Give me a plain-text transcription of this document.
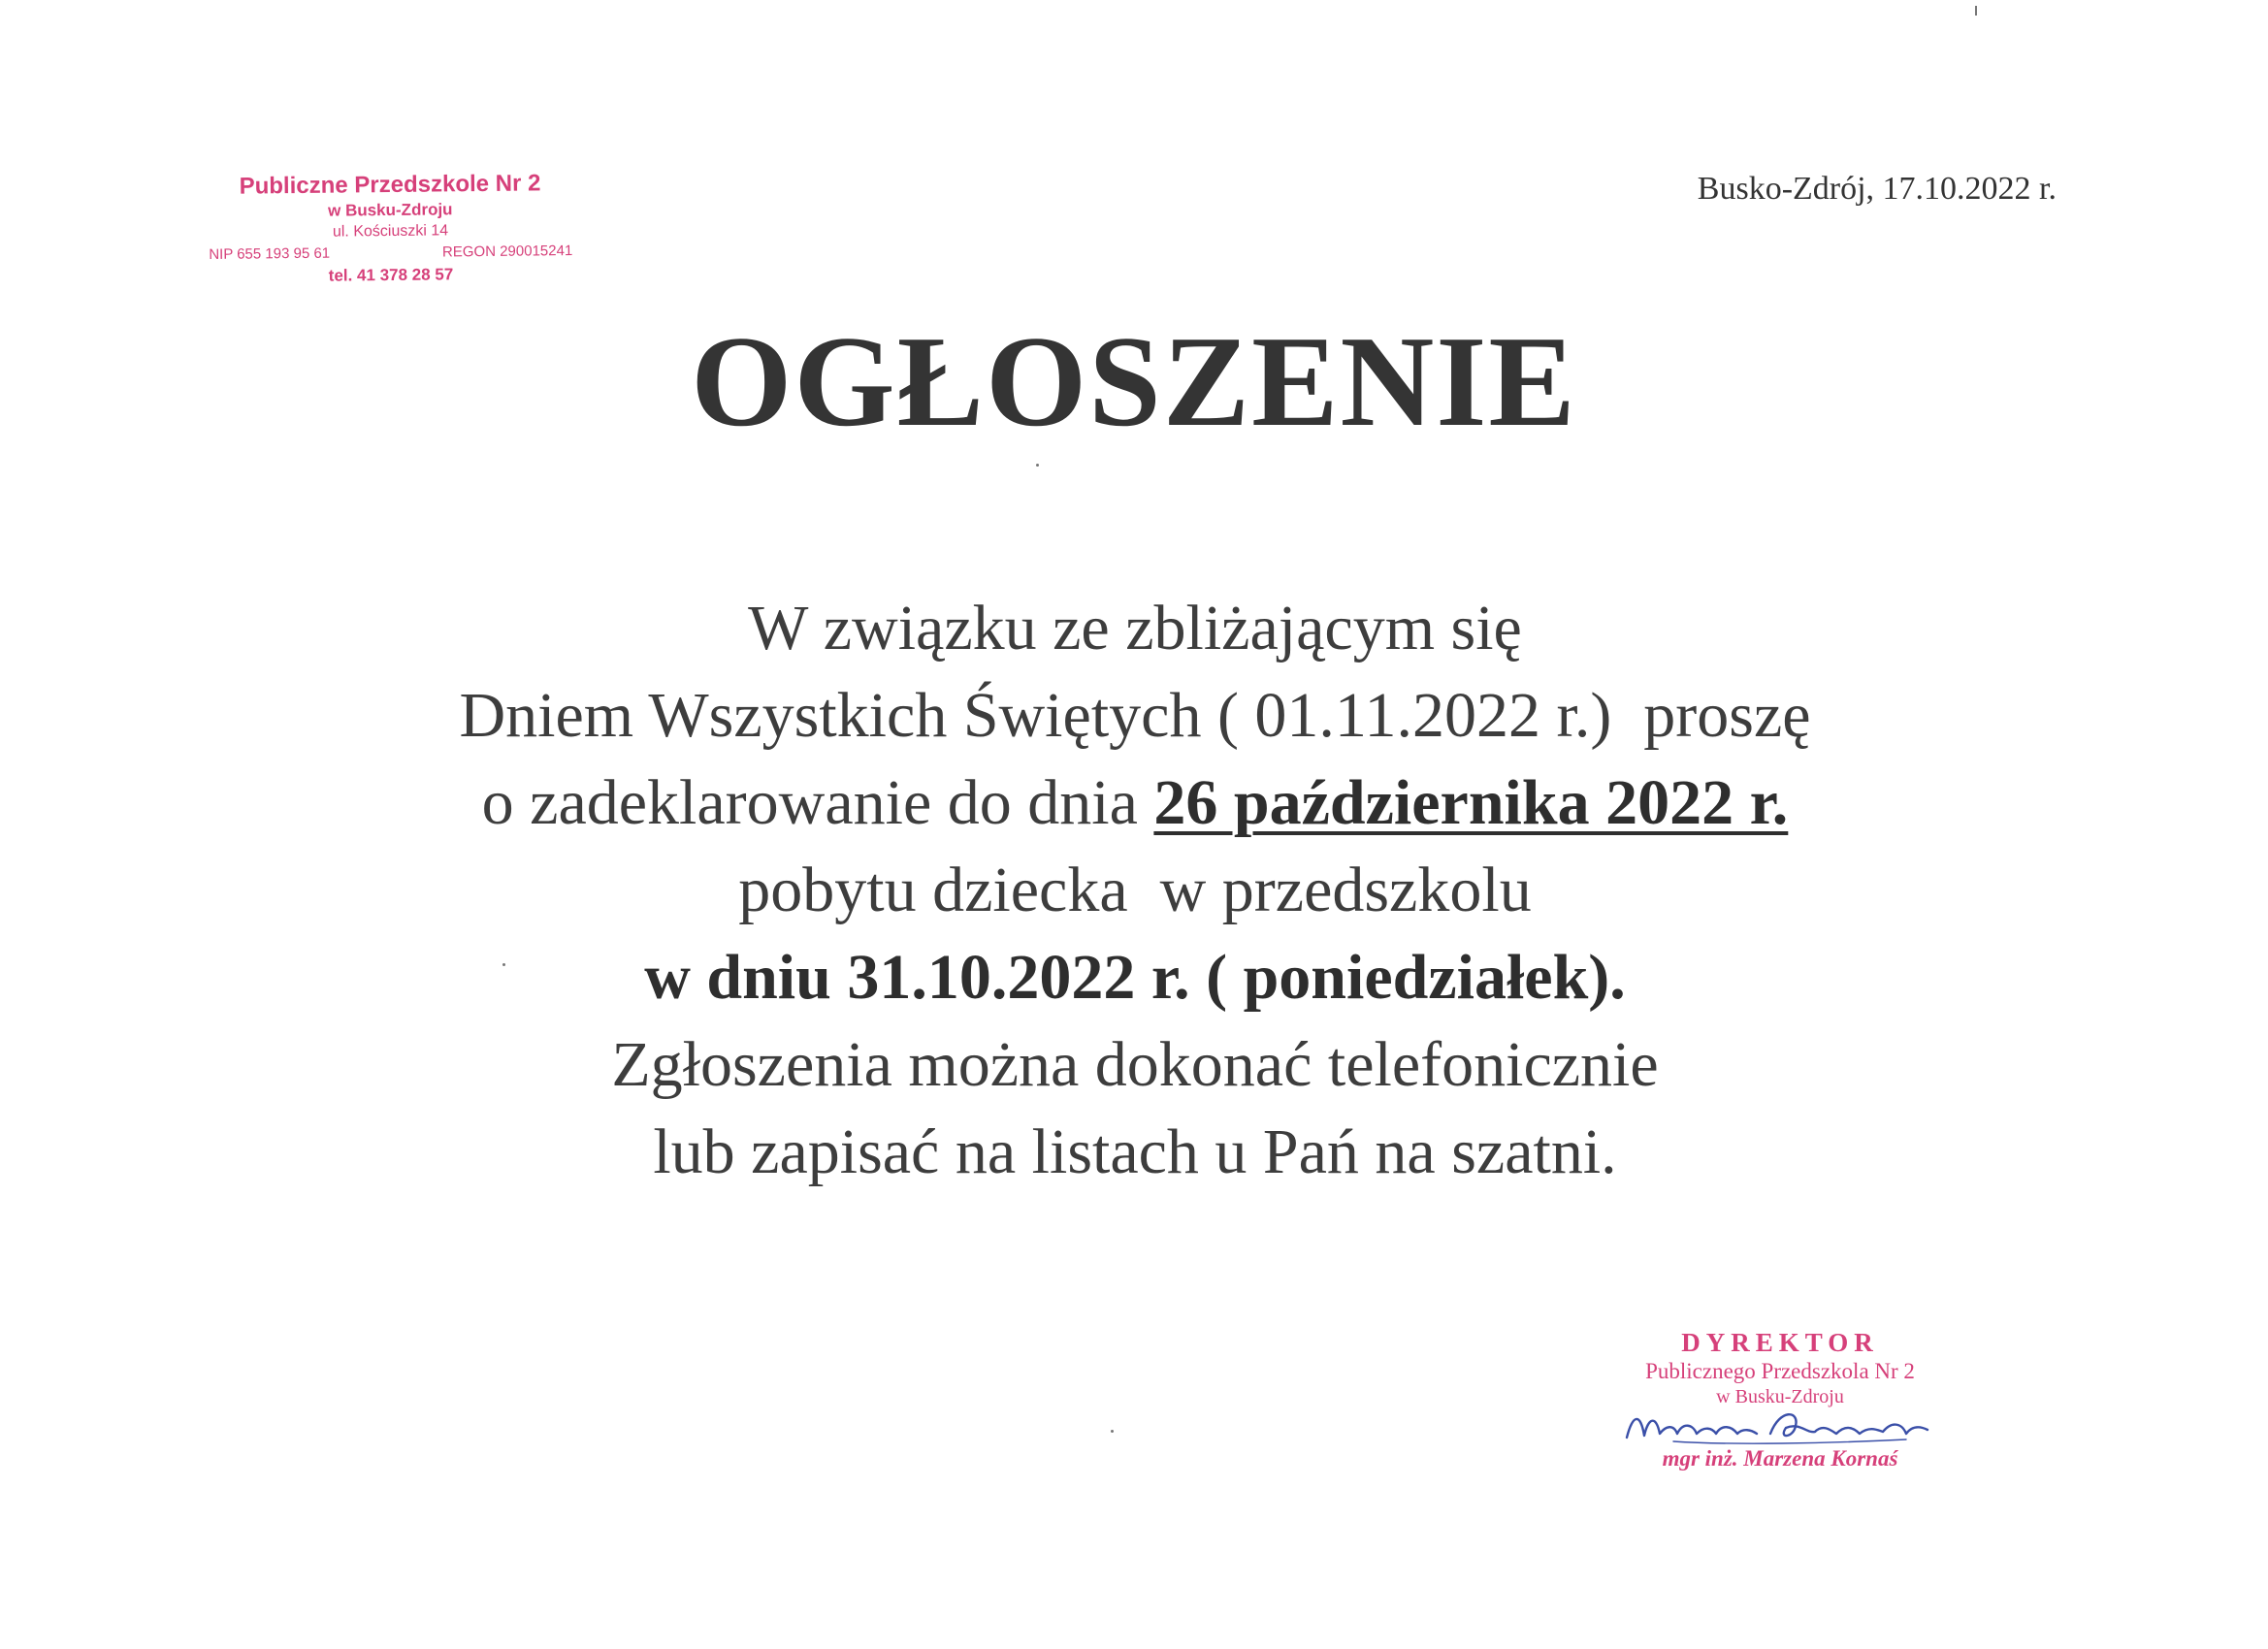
Publiczne Przedszkole Nr 2
w Busku-Zdroju
ul. Kościuszki 14
NIP 655 193 95 61	REGON 290015241
tel. 41 378 28 57
Busko-Zdrój, 17.10.2022 r.
OGŁOSZENIE
W związku ze zbliżającym się
Dniem Wszystkich Świętych ( 01.11.2022 r.)  proszę
o zadeklarowanie do dnia 26 października 2022 r.
pobytu dziecka  w przedszkolu
w dniu 31.10.2022 r. ( poniedziałek).
Zgłoszenia można dokonać telefonicznie
lub zapisać na listach u Pań na szatni.
DYREKTOR
Publicznego Przedszkola Nr 2
w Busku-Zdroju
mgr inż. Marzena Kornaś
